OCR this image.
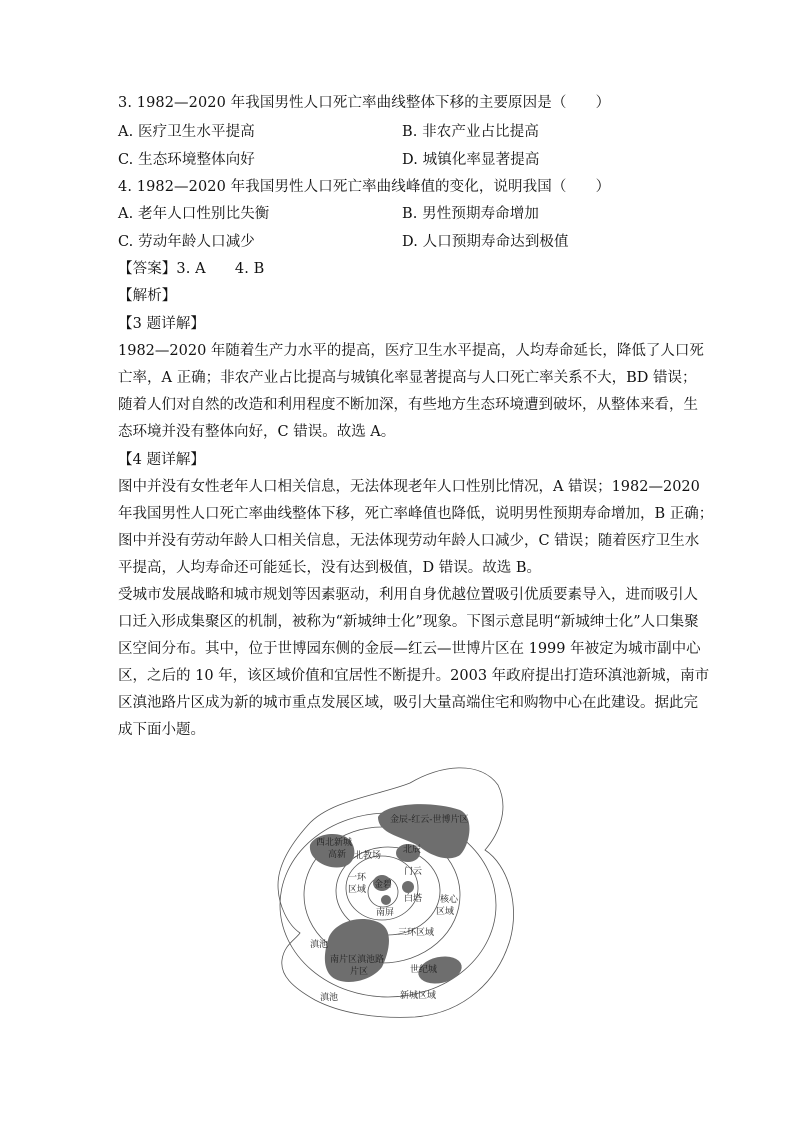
3. 1982—2020 年我国男性人口死亡率曲线整体下移的主要原因是（　　）
A. 医疗卫生水平提高	B. 非农产业占比提高
C. 生态环境整体向好	D. 城镇化率显著提高
4. 1982—2020 年我国男性人口死亡率曲线峰值的变化，说明我国（　　）
A. 老年人口性别比失衡	B. 男性预期寿命增加
C. 劳动年龄人口减少	D. 人口预期寿命达到极值
【答案】3. A　　4. B
【解析】
【3 题详解】
1982—2020 年随着生产力水平的提高，医疗卫生水平提高，人均寿命延长，降低了人口死
亡率，A 正确；非农产业占比提高与城镇化率显著提高与人口死亡率关系不大，BD 错误；
随着人们对自然的改造和利用程度不断加深，有些地方生态环境遭到破坏，从整体来看，生
态环境并没有整体向好，C 错误。故选 A。
【4 题详解】
图中并没有女性老年人口相关信息，无法体现老年人口性别比情况，A 错误；1982—2020
年我国男性人口死亡率曲线整体下移，死亡率峰值也降低，说明男性预期寿命增加，B 正确；
图中并没有劳动年龄人口相关信息，无法体现劳动年龄人口减少，C 错误；随着医疗卫生水
平提高，人均寿命还可能延长，没有达到极值，D 错误。故选 B。
受城市发展战略和城市规划等因素驱动，利用自身优越位置吸引优质要素导入，进而吸引人
口迁入形成集聚区的机制，被称为“新城绅士化”现象。下图示意昆明“新城绅士化”人口集聚
区空间分布。其中，位于世博园东侧的金辰—红云—世博片区在 1999 年被定为城市副中心
区，之后的 10 年，该区域价值和宜居性不断提升。2003 年政府提出打造环滇池新城，南市
区滇池路片区成为新的城市重点发展区域，吸引大量高端住宅和购物中心在此建设。据此完
成下面小题。
金辰-红云-世博片区
西北新城
高新 北教场
北辰
一环
区域 金碧
门云
白塔
南屏
核心
区域
三环区域
滇池
南片区滇池路
片区	世纪城
滇池	新城区域
